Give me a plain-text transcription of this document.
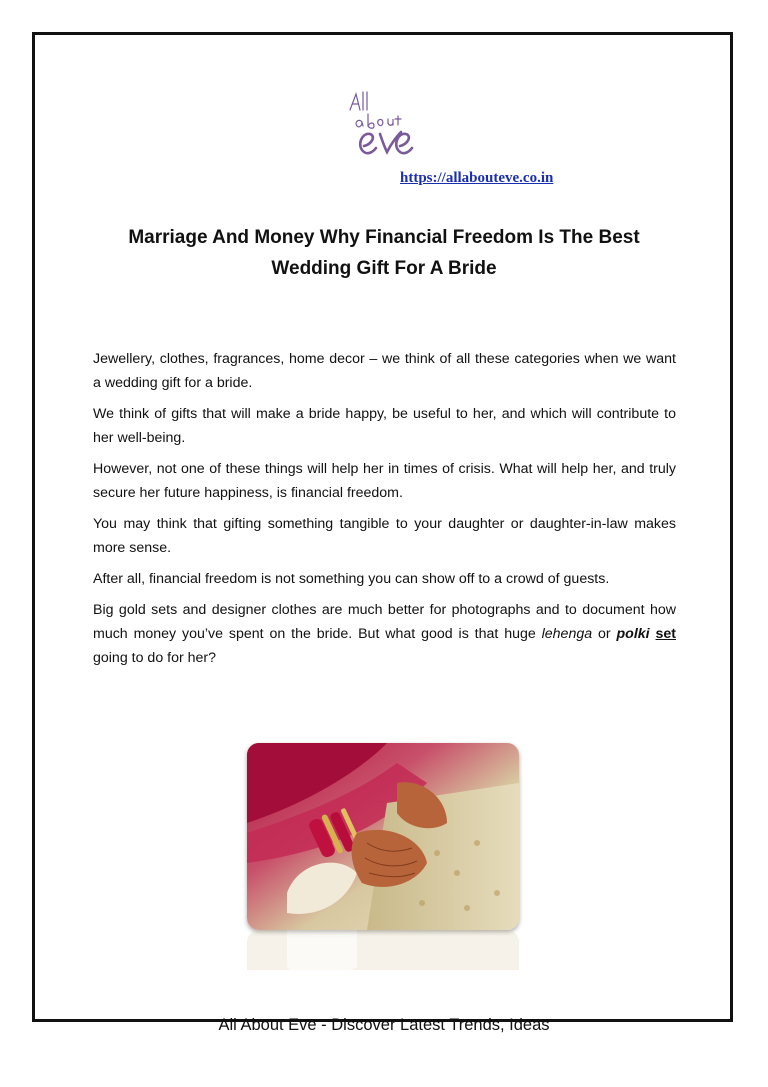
https://allabouteve.co.in
Marriage And Money Why Financial Freedom Is The Best
Wedding Gift For A Bride

Jewellery, clothes, fragrances, home decor – we think of all these categories when we want a wedding gift for a bride.

We think of gifts that will make a bride happy, be useful to her, and which will contribute to her well-being.

However, not one of these things will help her in times of crisis. What will help her, and truly secure her future happiness, is financial freedom.

You may think that gifting something tangible to your daughter or daughter-in-law makes more sense.

After all, financial freedom is not something you can show off to a crowd of guests.

Big gold sets and designer clothes are much better for photographs and to document how much money you’ve spent on the bride. But what good is that huge lehenga or polki set going to do for her?

All About Eve - Discover Latest Trends, Ideas
